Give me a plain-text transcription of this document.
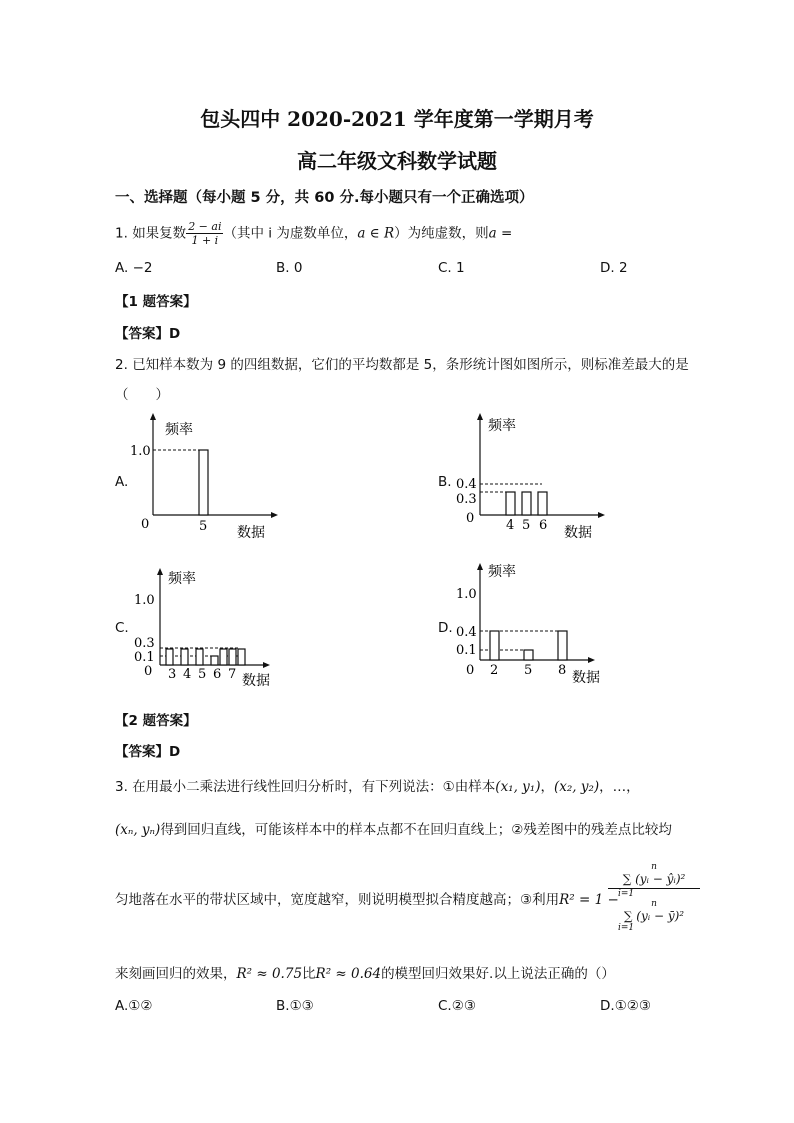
包头四中 2020-2021 学年度第一学期月考
高二年级文科数学试题
一、选择题（每小题 5 分，共 60 分.每小题只有一个正确选项）
1. 如果复数 $\frac{2 - ai}{1 + i}$ （其中 i 为虚数单位，a ∈ R）为纯虚数，则a =
A. −2	B. 0	C. 1	D. 2
【1 题答案】
【答案】D
2. 已知样本数为 9 的四组数据，它们的平均数都是 5，条形统计图如图所示，则标准差最大的是
（　　）
A.
频率
数据
0
1.0
5
B.
频率
数据
0
0.4
0.3
4 5 6
C.
频率
数据
0
1.0
0.3
0.1
3 4 5 6 7
D.
频率
数据
0
1.0
0.4
0.1
2 5 8
【2 题答案】
【答案】D
3. 在用最小二乘法进行线性回归分析时，有下列说法：①由样本(x₁, y₁)，(x₂, y₂)，…，
(xₙ, yₙ)得到回归直线，可能该样本中的样本点都不在回归直线上；②残差图中的残差点比较均
匀地落在水平的带状区域中，宽度越窄，则说明模型拟合精度越高；③利用R² = 1 −
n
∑ (yᵢ − ŷᵢ)²
i=1
n
∑ (yᵢ − ȳ)²
i=1
来刻画回归的效果，R² ≈ 0.75比R² ≈ 0.64的模型回归效果好.以上说法正确的（）
A.①②	B.①③	C.②③	D.①②③
